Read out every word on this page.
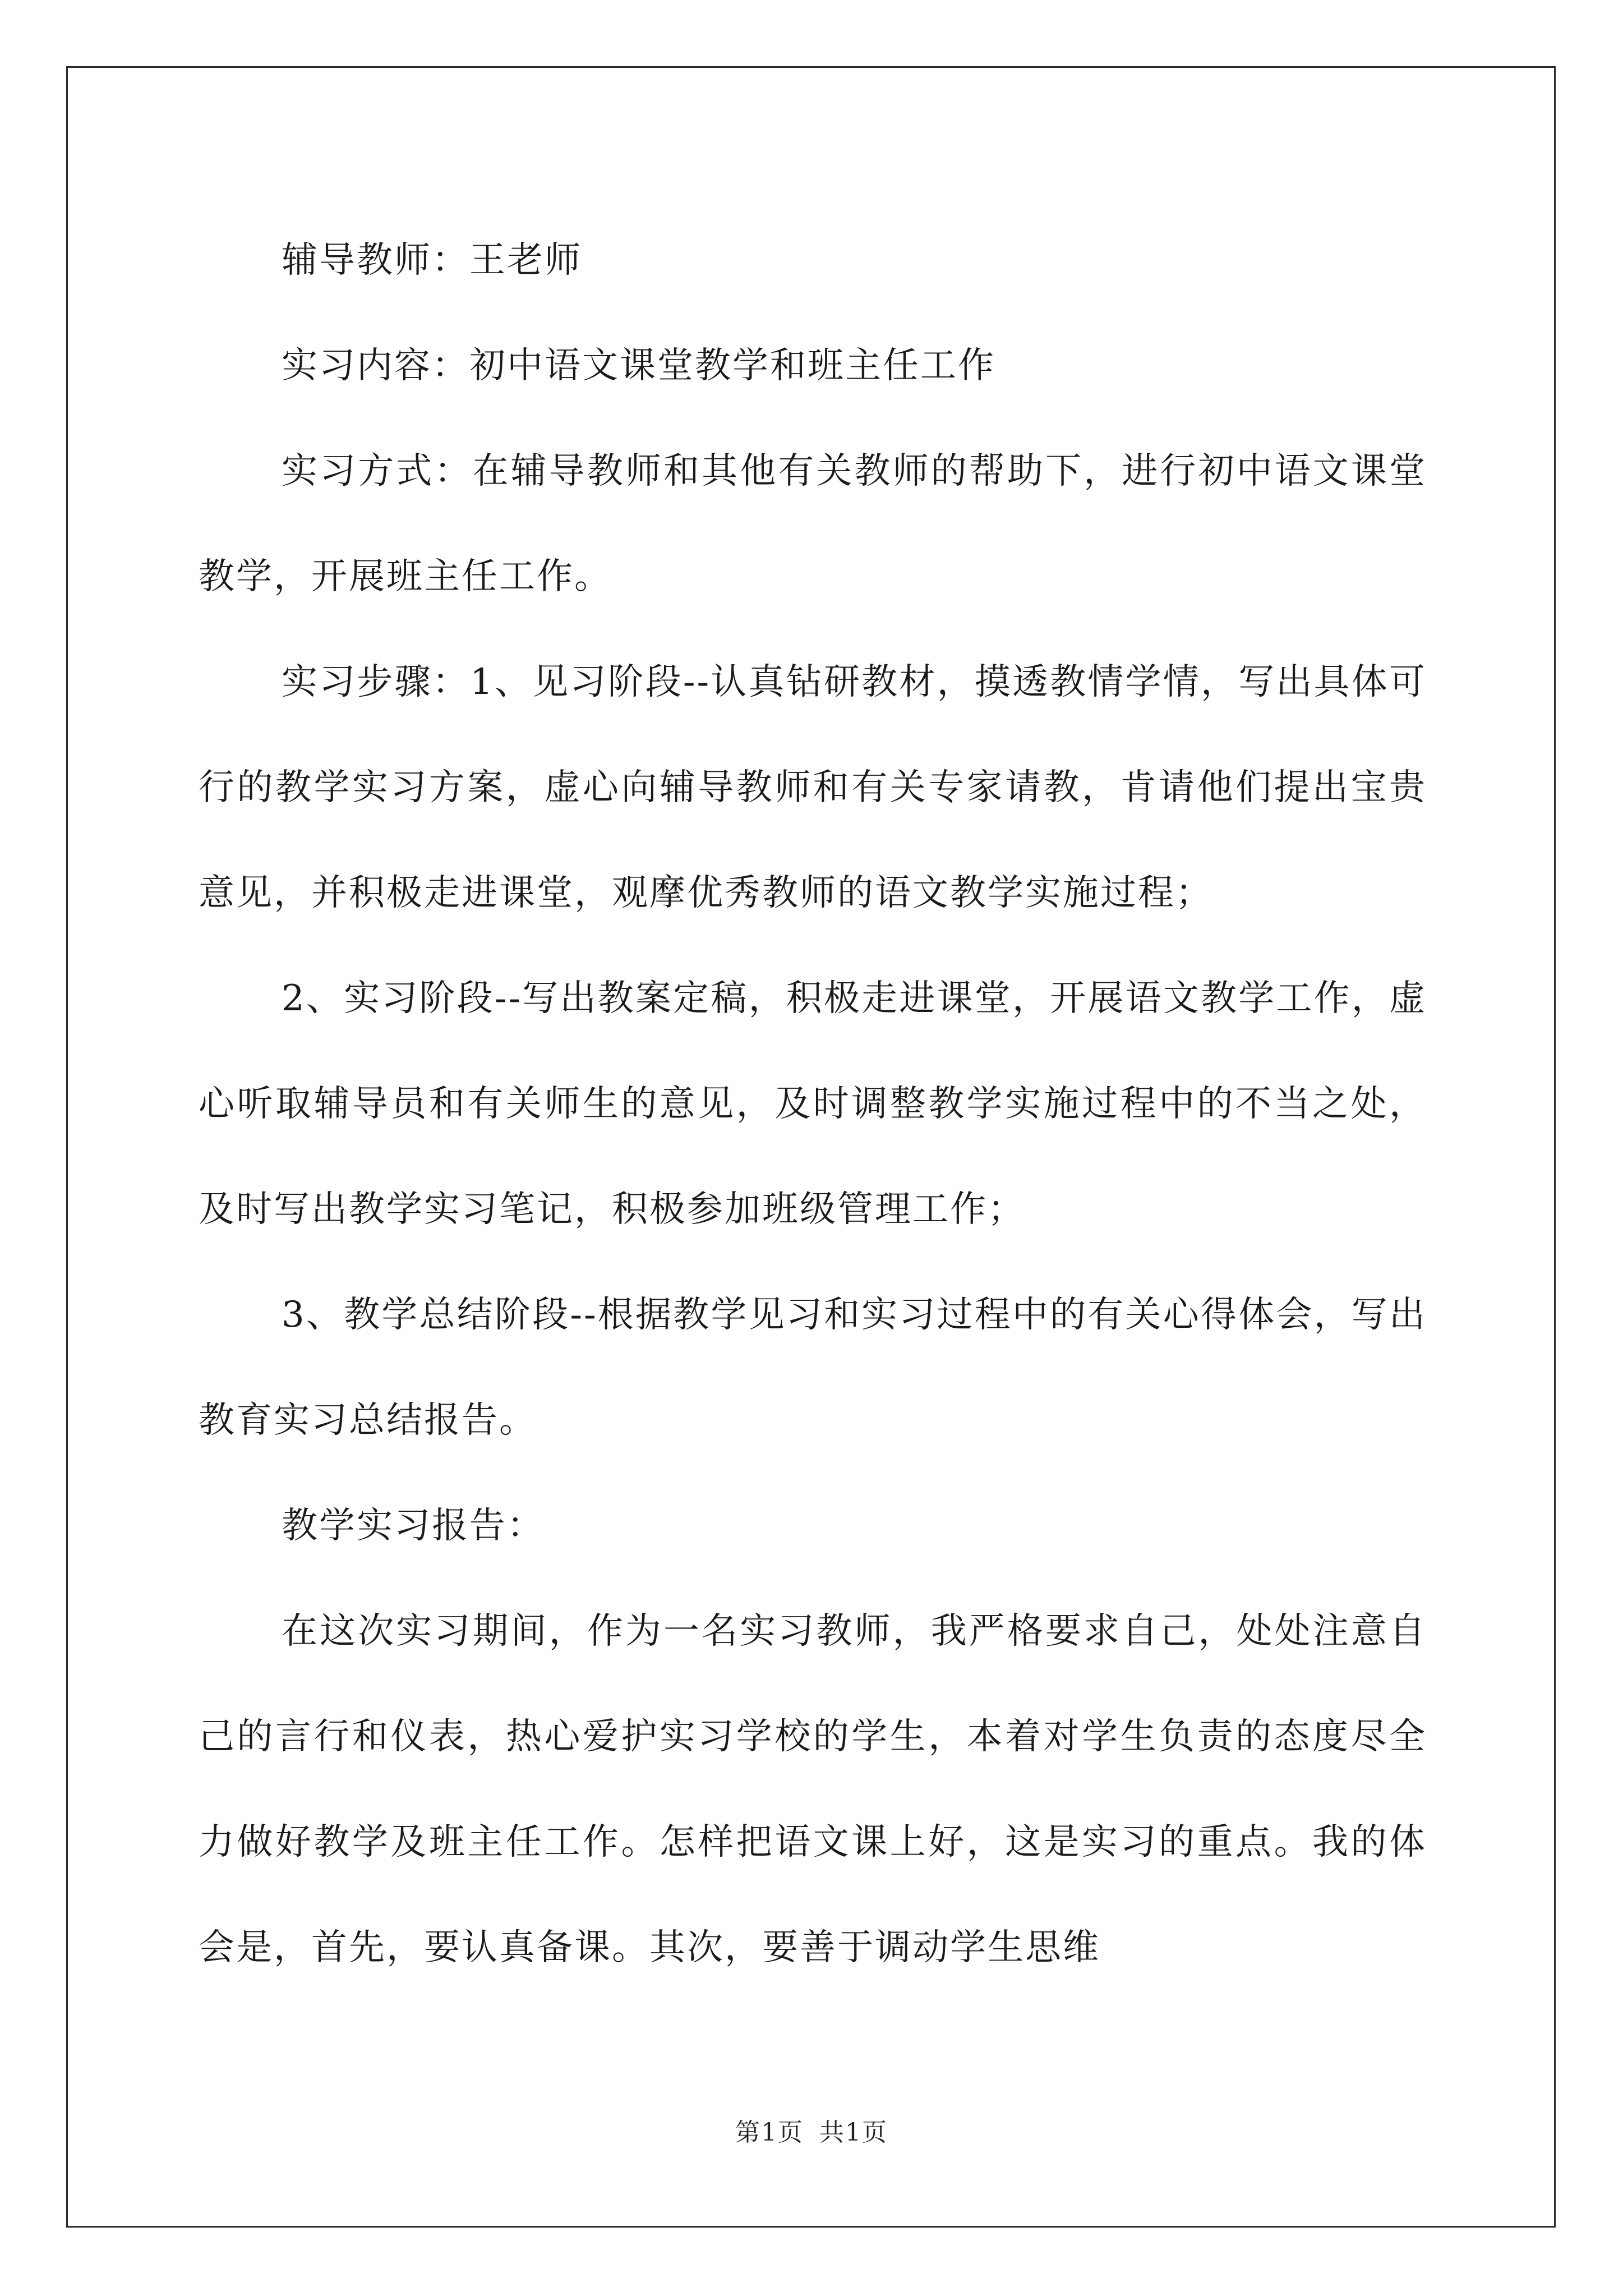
辅导教师：王老师

实习内容：初中语文课堂教学和班主任工作

实习方式：在辅导教师和其他有关教师的帮助下，进行初中语文课堂教学，开展班主任工作。

实习步骤：1、见习阶段--认真钻研教材，摸透教情学情，写出具体可行的教学实习方案，虚心向辅导教师和有关专家请教，肯请他们提出宝贵意见，并积极走进课堂，观摩优秀教师的语文教学实施过程；

2、实习阶段--写出教案定稿，积极走进课堂，开展语文教学工作，虚心听取辅导员和有关师生的意见，及时调整教学实施过程中的不当之处，及时写出教学实习笔记，积极参加班级管理工作；

3、教学总结阶段--根据教学见习和实习过程中的有关心得体会，写出教育实习总结报告。

教学实习报告：

在这次实习期间，作为一名实习教师，我严格要求自己，处处注意自己的言行和仪表，热心爱护实习学校的学生，本着对学生负责的态度尽全力做好教学及班主任工作。怎样把语文课上好，这是实习的重点。我的体会是，首先，要认真备课。其次，要善于调动学生思维

第1页 共1页
